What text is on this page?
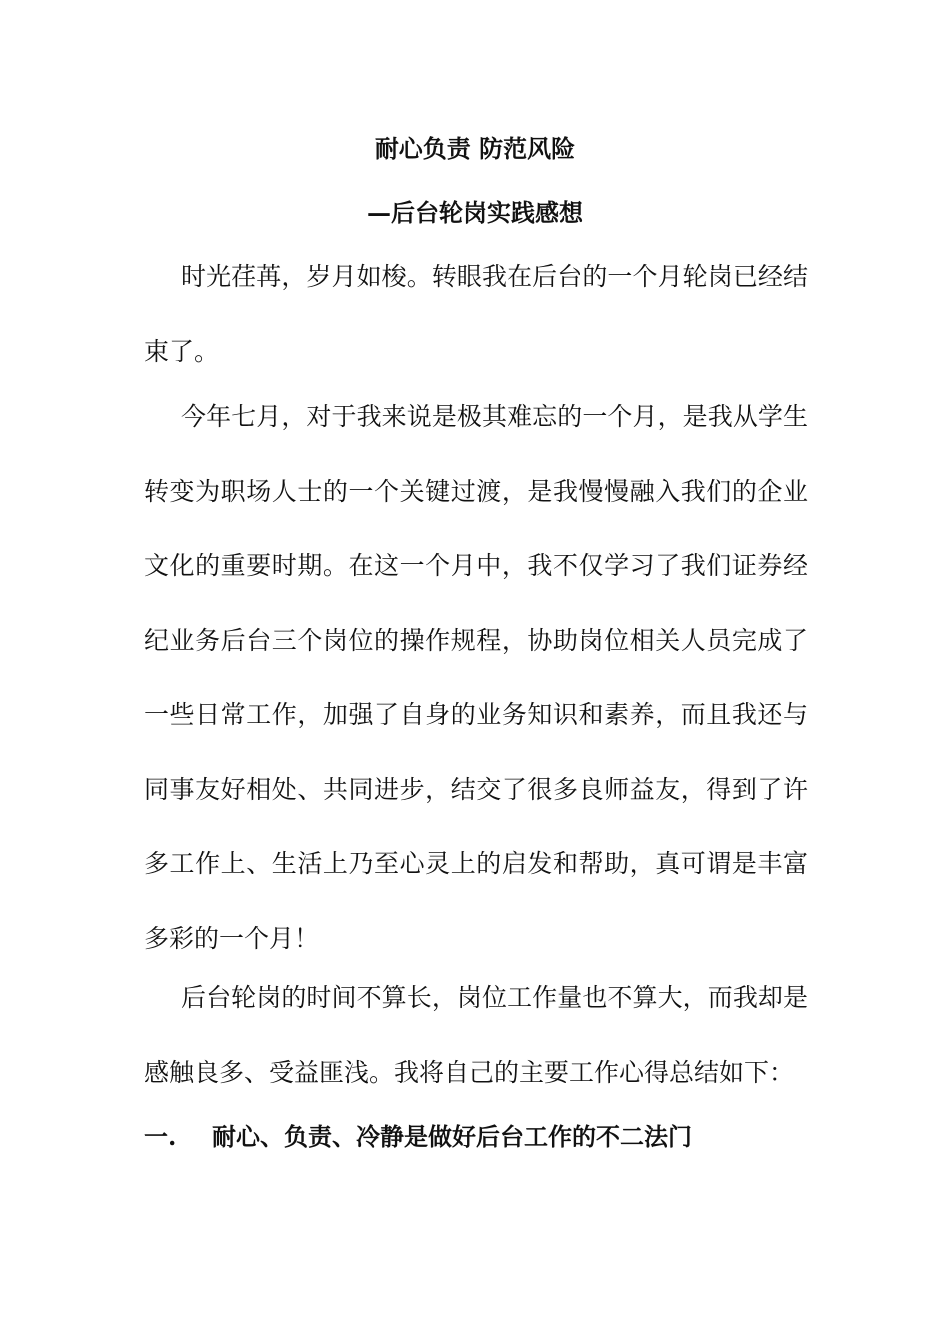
耐心负责 防范风险
—后台轮岗实践感想

时光荏苒，岁月如梭。转眼我在后台的一个月轮岗已经结束了。

今年七月，对于我来说是极其难忘的一个月，是我从学生转变为职场人士的一个关键过渡，是我慢慢融入我们的企业文化的重要时期。在这一个月中，我不仅学习了我们证券经纪业务后台三个岗位的操作规程，协助岗位相关人员完成了一些日常工作，加强了自身的业务知识和素养，而且我还与同事友好相处、共同进步，结交了很多良师益友，得到了许多工作上、生活上乃至心灵上的启发和帮助，真可谓是丰富多彩的一个月！

后台轮岗的时间不算长，岗位工作量也不算大，而我却是感触良多、受益匪浅。我将自己的主要工作心得总结如下：

一. 耐心、负责、冷静是做好后台工作的不二法门
